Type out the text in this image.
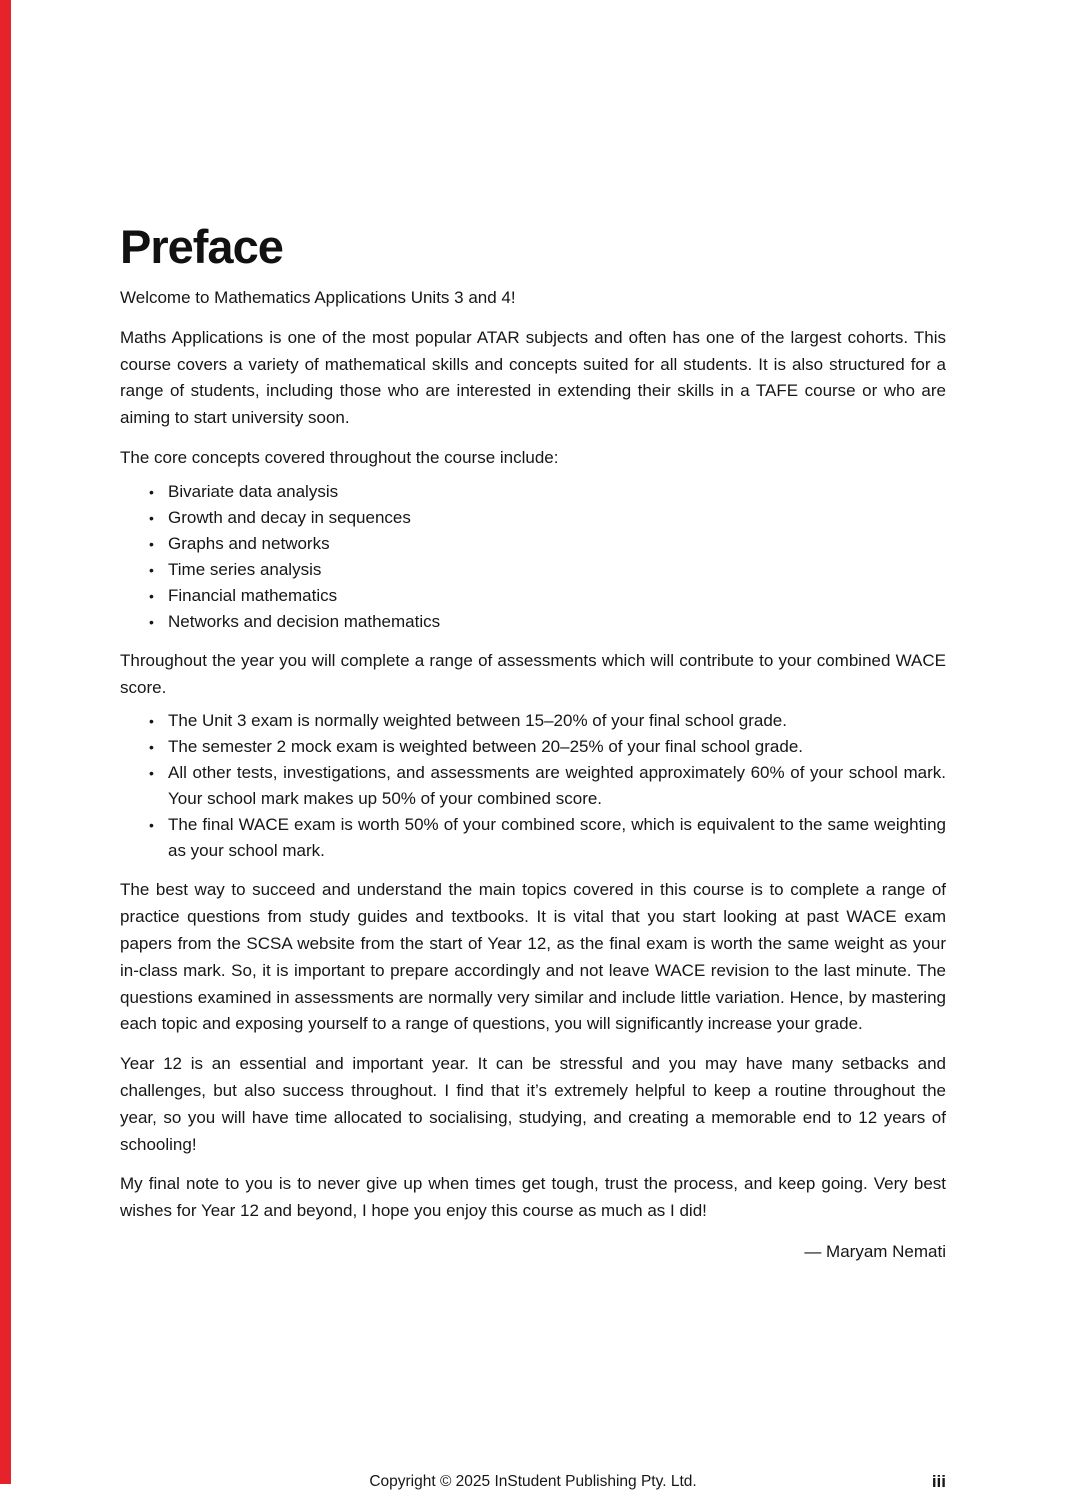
Preface

Welcome to Mathematics Applications Units 3 and 4!

Maths Applications is one of the most popular ATAR subjects and often has one of the largest cohorts. This course covers a variety of mathematical skills and concepts suited for all students. It is also structured for a range of students, including those who are interested in extending their skills in a TAFE course or who are aiming to start university soon.

The core concepts covered throughout the course include:

• Bivariate data analysis
• Growth and decay in sequences
• Graphs and networks
• Time series analysis
• Financial mathematics
• Networks and decision mathematics

Throughout the year you will complete a range of assessments which will contribute to your combined WACE score.

• The Unit 3 exam is normally weighted between 15–20% of your final school grade.
• The semester 2 mock exam is weighted between 20–25% of your final school grade.
• All other tests, investigations, and assessments are weighted approximately 60% of your school mark. Your school mark makes up 50% of your combined score.
• The final WACE exam is worth 50% of your combined score, which is equivalent to the same weighting as your school mark.

The best way to succeed and understand the main topics covered in this course is to complete a range of practice questions from study guides and textbooks. It is vital that you start looking at past WACE exam papers from the SCSA website from the start of Year 12, as the final exam is worth the same weight as your in-class mark. So, it is important to prepare accordingly and not leave WACE revision to the last minute. The questions examined in assessments are normally very similar and include little variation. Hence, by mastering each topic and exposing yourself to a range of questions, you will significantly increase your grade.

Year 12 is an essential and important year. It can be stressful and you may have many setbacks and challenges, but also success throughout. I find that it’s extremely helpful to keep a routine throughout the year, so you will have time allocated to socialising, studying, and creating a memorable end to 12 years of schooling!

My final note to you is to never give up when times get tough, trust the process, and keep going. Very best wishes for Year 12 and beyond, I hope you enjoy this course as much as I did!

— Maryam Nemati
Copyright © 2025 InStudent Publishing Pty. Ltd.	iii
